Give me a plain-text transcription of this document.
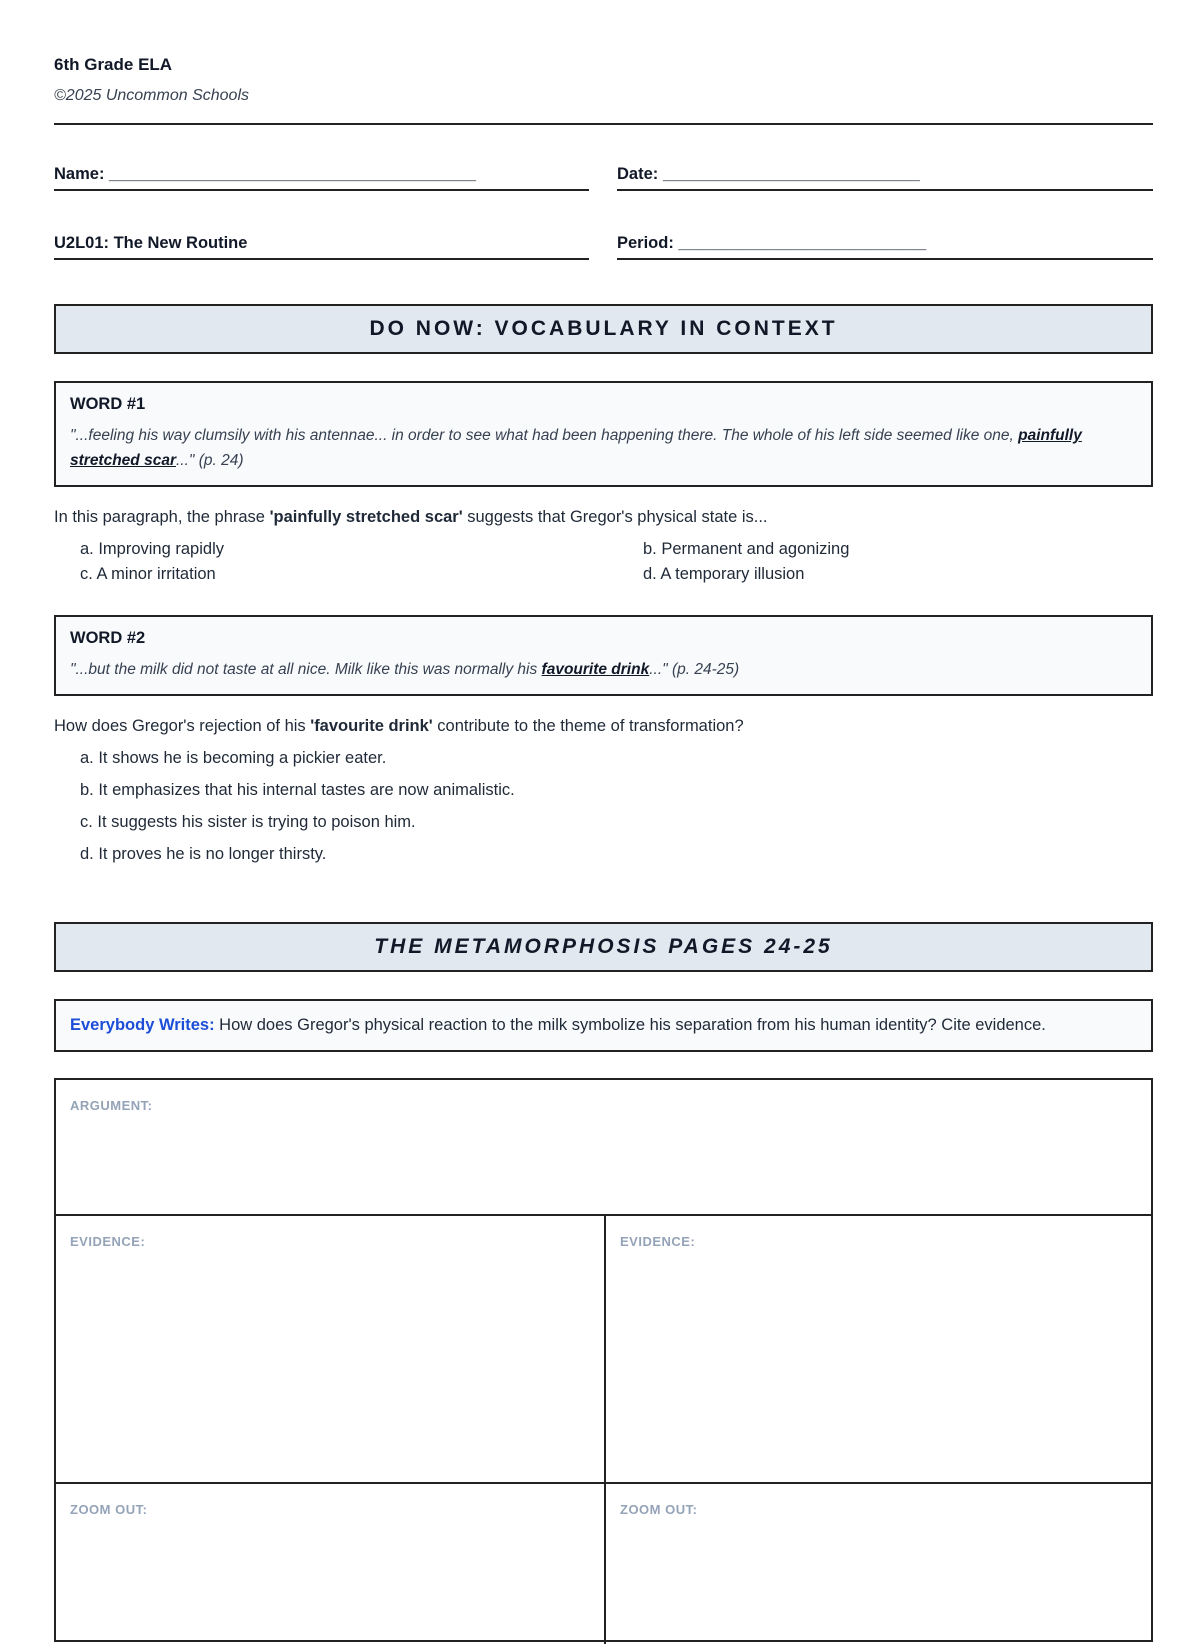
6th Grade ELA
©2025 Uncommon Schools
Name: ________________________________________	Date: ____________________________
U2L01: The New Routine	Period: ___________________________
DO NOW: VOCABULARY IN CONTEXT
WORD #1
"...feeling his way clumsily with his antennae... in order to see what had been happening there. The whole of his left side seemed like one, painfully stretched scar..." (p. 24)
In this paragraph, the phrase 'painfully stretched scar' suggests that Gregor's physical state is...
a. Improving rapidly	b. Permanent and agonizing
c. A minor irritation	d. A temporary illusion
WORD #2
"...but the milk did not taste at all nice. Milk like this was normally his favourite drink..." (p. 24-25)
How does Gregor's rejection of his 'favourite drink' contribute to the theme of transformation?
a. It shows he is becoming a pickier eater.
b. It emphasizes that his internal tastes are now animalistic.
c. It suggests his sister is trying to poison him.
d. It proves he is no longer thirsty.
THE METAMORPHOSIS PAGES 24-25
Everybody Writes: How does Gregor's physical reaction to the milk symbolize his separation from his human identity? Cite evidence.
ARGUMENT:
EVIDENCE:	EVIDENCE:
ZOOM OUT:	ZOOM OUT:
